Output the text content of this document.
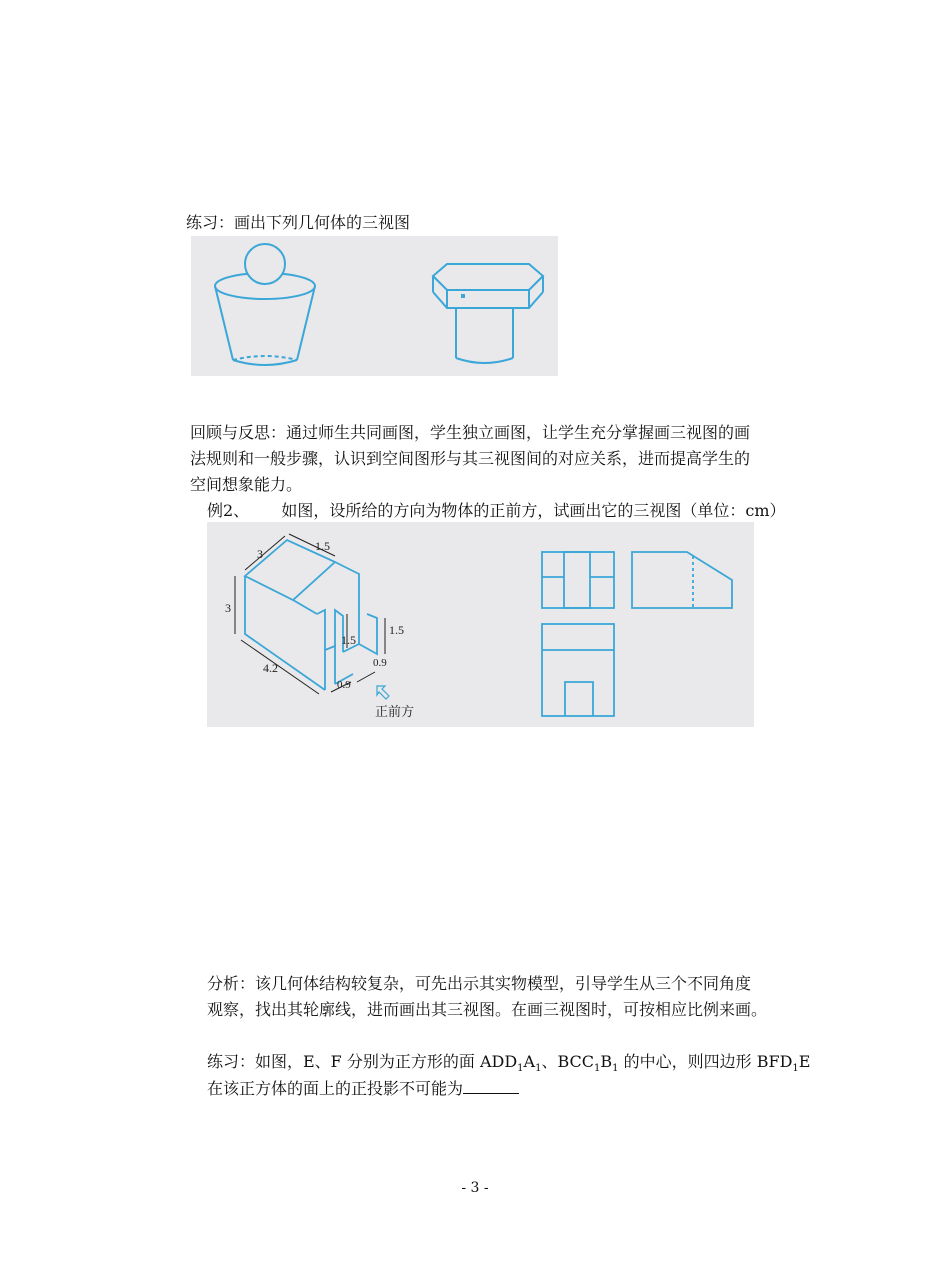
练习：画出下列几何体的三视图
回顾与反思：通过师生共同画图，学生独立画图，让学生充分掌握画三视图的画
法规则和一般步骤，认识到空间图形与其三视图间的对应关系，进而提高学生的
空间想象能力。
例2、 如图，设所给的方向为物体的正前方，试画出它的三视图（单位：cm）
3
1.5
3
4.2
1.5
1.5
0.9
0.9
正前方
分析：该几何体结构较复杂，可先出示其实物模型，引导学生从三个不同角度
观察，找出其轮廓线，进而画出其三视图。在画三视图时，可按相应比例来画。
练习：如图，E、F 分别为正方形的面 $ADD_1A_1$、$BCC_1B_1$ 的中心，则四边形 $BFD_1E$
在该正方体的面上的正投影不可能为
- 3 -
